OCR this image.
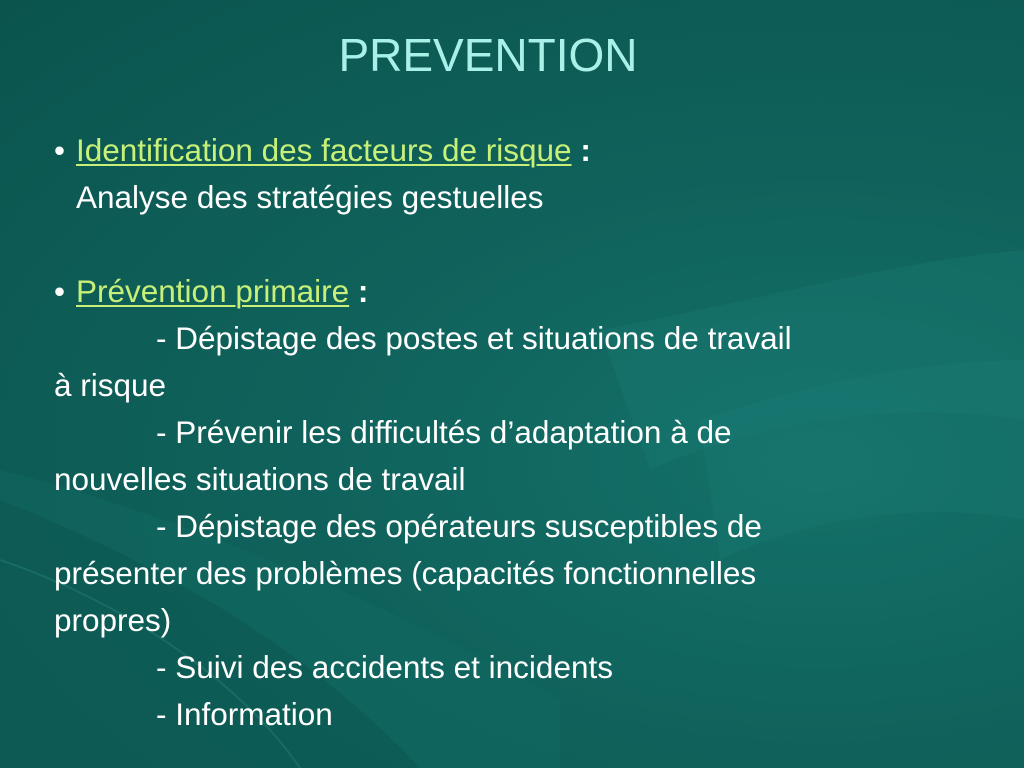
PREVENTION
• Identification des facteurs de risque :
Analyse des stratégies gestuelles
• Prévention primaire :
- Dépistage des postes et situations de travail
à risque
- Prévenir les difficultés d’adaptation à de
nouvelles situations de travail
- Dépistage des opérateurs susceptibles de
présenter des problèmes (capacités fonctionnelles
propres)
- Suivi des accidents et incidents
- Information
